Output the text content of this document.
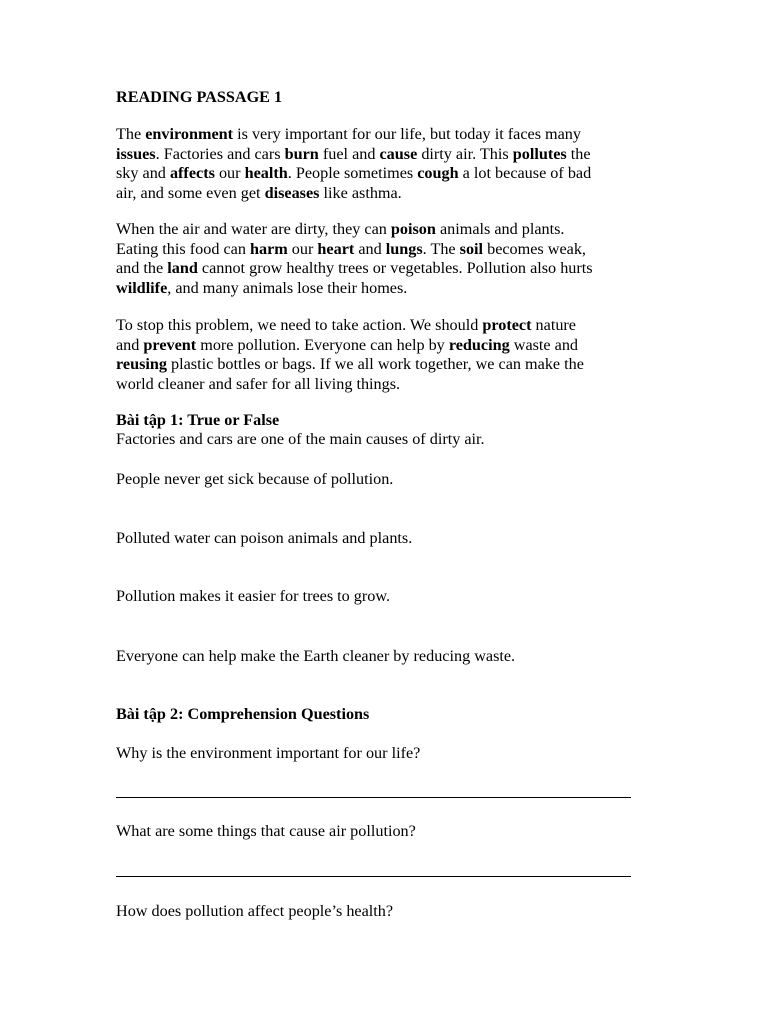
READING PASSAGE 1
The environment is very important for our life, but today it faces many
issues. Factories and cars burn fuel and cause dirty air. This pollutes the
sky and affects our health. People sometimes cough a lot because of bad
air, and some even get diseases like asthma.
When the air and water are dirty, they can poison animals and plants.
Eating this food can harm our heart and lungs. The soil becomes weak,
and the land cannot grow healthy trees or vegetables. Pollution also hurts
wildlife, and many animals lose their homes.
To stop this problem, we need to take action. We should protect nature
and prevent more pollution. Everyone can help by reducing waste and
reusing plastic bottles or bags. If we all work together, we can make the
world cleaner and safer for all living things.
Bài tập 1: True or False
Factories and cars are one of the main causes of dirty air.
People never get sick because of pollution.
Polluted water can poison animals and plants.
Pollution makes it easier for trees to grow.
Everyone can help make the Earth cleaner by reducing waste.
Bài tập 2: Comprehension Questions
Why is the environment important for our life?
What are some things that cause air pollution?
How does pollution affect people’s health?
